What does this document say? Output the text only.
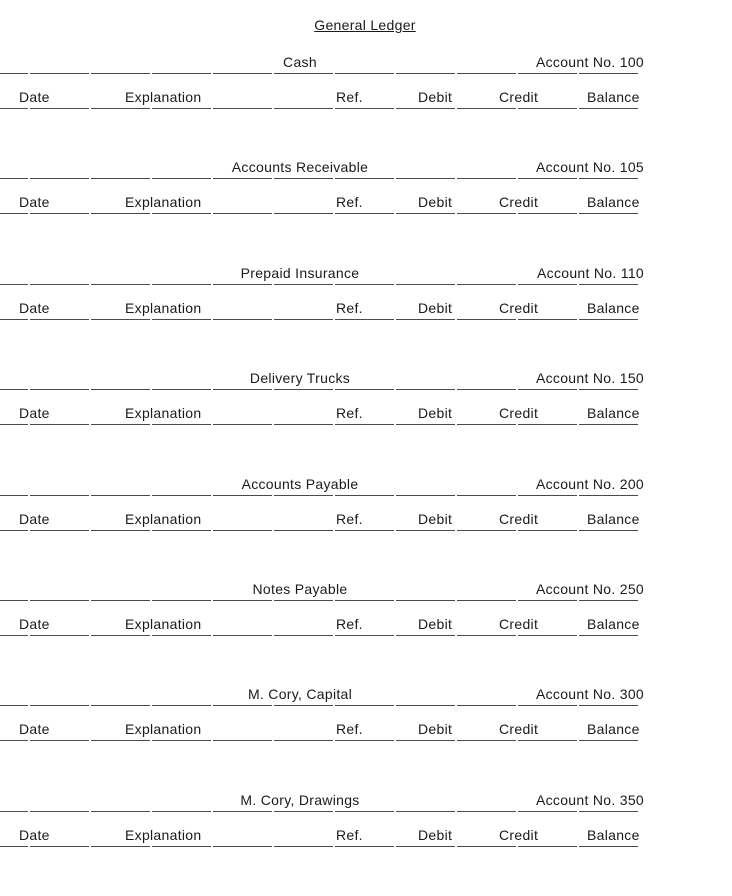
General Ledger
Cash	Account No. 100
Date	Explanation	Ref.	Debit	Credit	Balance
Accounts Receivable	Account No. 105
Date	Explanation	Ref.	Debit	Credit	Balance
Prepaid Insurance	Account No. 110
Date	Explanation	Ref.	Debit	Credit	Balance
Delivery Trucks	Account No. 150
Date	Explanation	Ref.	Debit	Credit	Balance
Accounts Payable	Account No. 200
Date	Explanation	Ref.	Debit	Credit	Balance
Notes Payable	Account No. 250
Date	Explanation	Ref.	Debit	Credit	Balance
M. Cory, Capital	Account No. 300
Date	Explanation	Ref.	Debit	Credit	Balance
M. Cory, Drawings	Account No. 350
Date	Explanation	Ref.	Debit	Credit	Balance
